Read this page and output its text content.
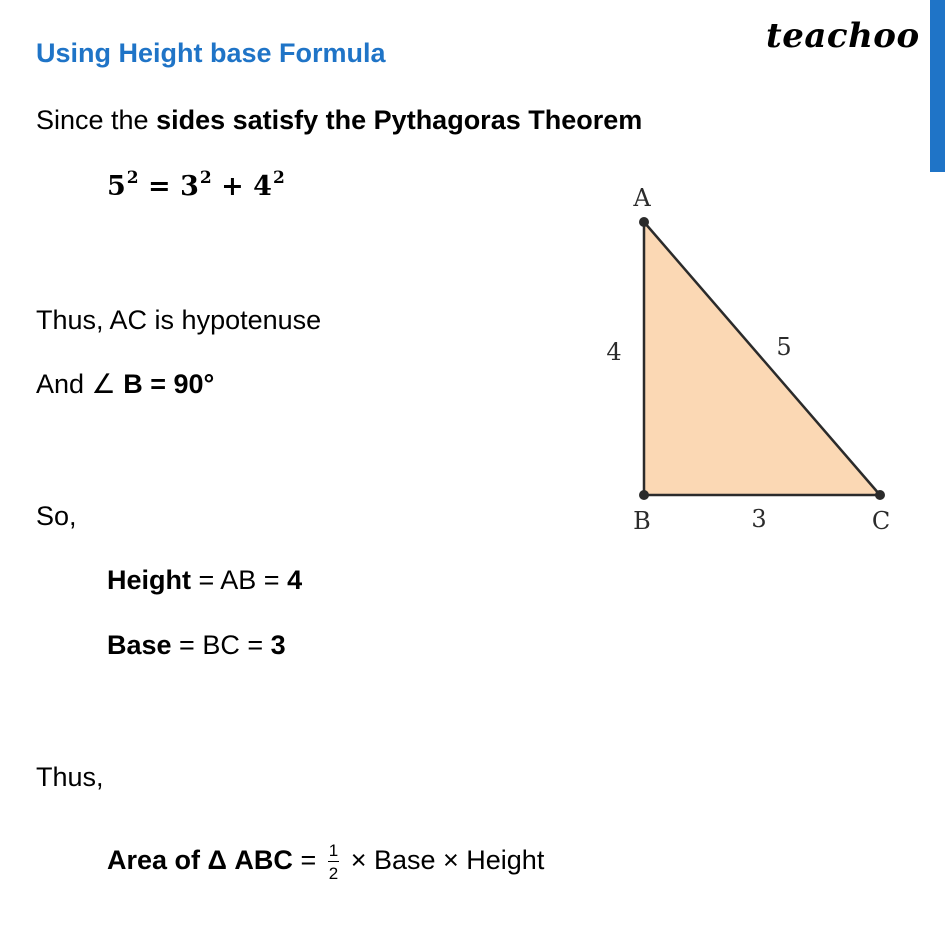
Using Height base Formula	teachoo
Since the sides satisfy the Pythagoras Theorem
$5^2 = 3^2 + 4^2$
Thus, AC is hypotenuse
And ∠ B = 90°
So,
Height = AB = 4
Base = BC = 3
Thus,
Area of Δ ABC = $\frac{1}{2}$ × Base × Height
A
B	C
4
3
5
